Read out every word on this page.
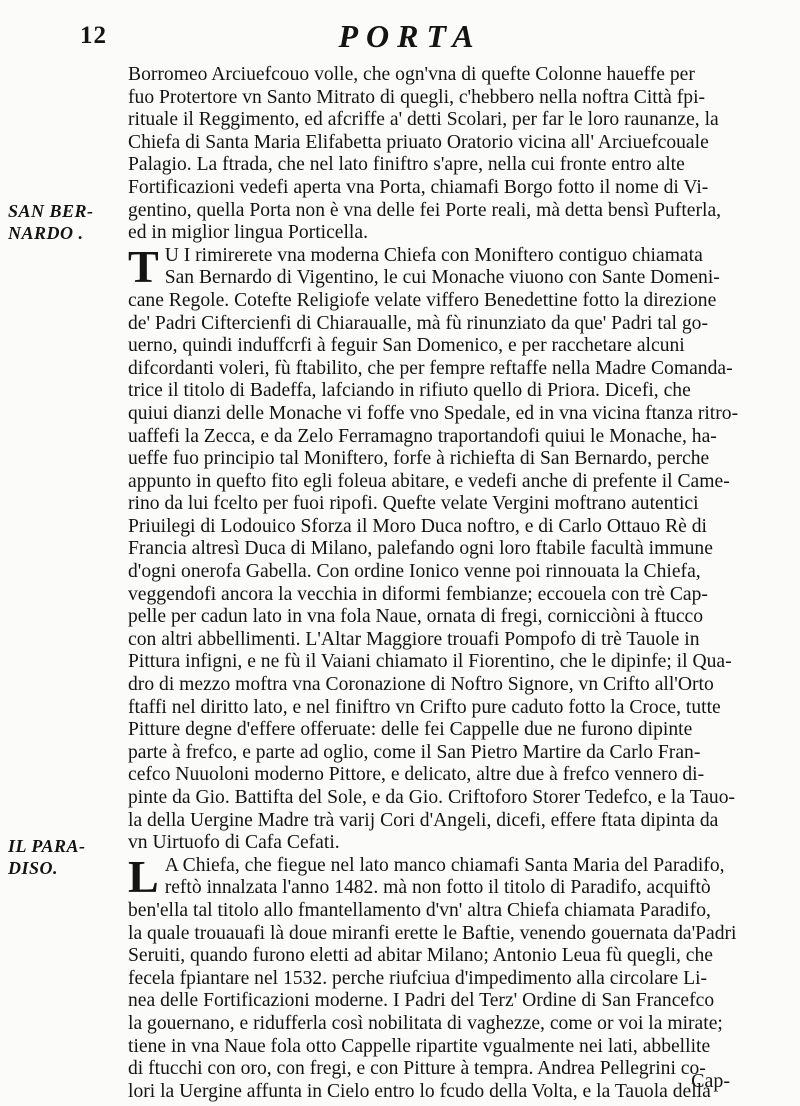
12	PORTA
SAN BER-
NARDO .
IL PARA-
DISO.
Borromeo Arciuefcouo volle, che ogn'vna di quefte Colonne haueffe per
fuo Protertore vn Santo Mitrato di quegli, c'hebbero nella noftra Città fpi-
rituale il Reggimento, ed afcriffe a' detti Scolari, per far le loro raunanze, la
Chiefa di Santa Maria Elifabetta priuato Oratorio vicina all' Arciuefcouale
Palagio. La ftrada, che nel lato finiftro s'apre, nella cui fronte entro alte
Fortificazioni vedefi aperta vna Porta, chiamafi Borgo fotto il nome di Vi-
gentino, quella Porta non è vna delle fei Porte reali, mà detta bensì Pufterla,
ed in miglior lingua Porticella.
T U I rimirerete vna moderna Chiefa con Moniftero contiguo chiamata
San Bernardo di Vigentino, le cui Monache viuono con Sante Domeni-
cane Regole. Cotefte Religiofe velate viffero Benedettine fotto la direzione
de' Padri Ciftercienfi di Chiaraualle, mà fù rinunziato da que' Padri tal go-
uerno, quindi induffcrfi à feguir San Domenico, e per racchetare alcuni
difcordanti voleri, fù ftabilito, che per fempre reftaffe nella Madre Comanda-
trice il titolo di Badeffa, lafciando in rifiuto quello di Priora. Dicefi, che
quiui dianzi delle Monache vi foffe vno Spedale, ed in vna vicina ftanza ritro-
uaffefi la Zecca, e da Zelo Ferramagno traportandofi quiui le Monache, ha-
ueffe fuo principio tal Moniftero, forfe à richiefta di San Bernardo, perche
appunto in quefto fito egli foleua abitare, e vedefi anche di prefente il Came-
rino da lui fcelto per fuoi ripofi. Quefte velate Vergini moftrano autentici
Priuilegi di Lodouico Sforza il Moro Duca noftro, e di Carlo Ottauo Rè di
Francia altresì Duca di Milano, palefando ogni loro ftabile facultà immune
d'ogni onerofa Gabella. Con ordine Ionico venne poi rinnouata la Chiefa,
veggendofi ancora la vecchia in diformi fembianze; eccouela con trè Cap-
pelle per cadun lato in vna fola Naue, ornata di fregi, cornicciòni à ftucco
con altri abbellimenti. L'Altar Maggiore trouafi Pompofo di trè Tauole in
Pittura infigni, e ne fù il Vaiani chiamato il Fiorentino, che le dipinfe; il Qua-
dro di mezzo moftra vna Coronazione di Noftro Signore, vn Crifto all'Orto
ftaffi nel diritto lato, e nel finiftro vn Crifto pure caduto fotto la Croce, tutte
Pitture degne d'effere offeruate: delle fei Cappelle due ne furono dipinte
parte à frefco, e parte ad oglio, come il San Pietro Martire da Carlo Fran-
cefco Nuuoloni moderno Pittore, e delicato, altre due à frefco vennero di-
pinte da Gio. Battifta del Sole, e da Gio. Criftoforo Storer Tedefco, e la Tauo-
la della Uergine Madre trà varij Cori d'Angeli, dicefi, effere ftata dipinta da
vn Uirtuofo di Cafa Cefati.
L A Chiefa, che fiegue nel lato manco chiamafi Santa Maria del Paradifo,
reftò innalzata l'anno 1482. mà non fotto il titolo di Paradifo, acquiftò
ben'ella tal titolo allo fmantellamento d'vn' altra Chiefa chiamata Paradifo,
la quale trouauafi là doue miranfi erette le Baftie, venendo gouernata da'Padri
Seruiti, quando furono eletti ad abitar Milano; Antonio Leua fù quegli, che
fecela fpiantare nel 1532. perche riufciua d'impedimento alla circolare Li-
nea delle Fortificazioni moderne. I Padri del Terz' Ordine di San Francefco
la gouernano, e ridufferla così nobilitata di vaghezze, come or voi la mirate;
tiene in vna Naue fola otto Cappelle ripartite vgualmente nei lati, abbellite
di ftucchi con oro, con fregi, e con Pitture à tempra. Andrea Pellegrini co-
lori la Uergine affunta in Cielo entro lo fcudo della Volta, e la Tauola della
Cap-
